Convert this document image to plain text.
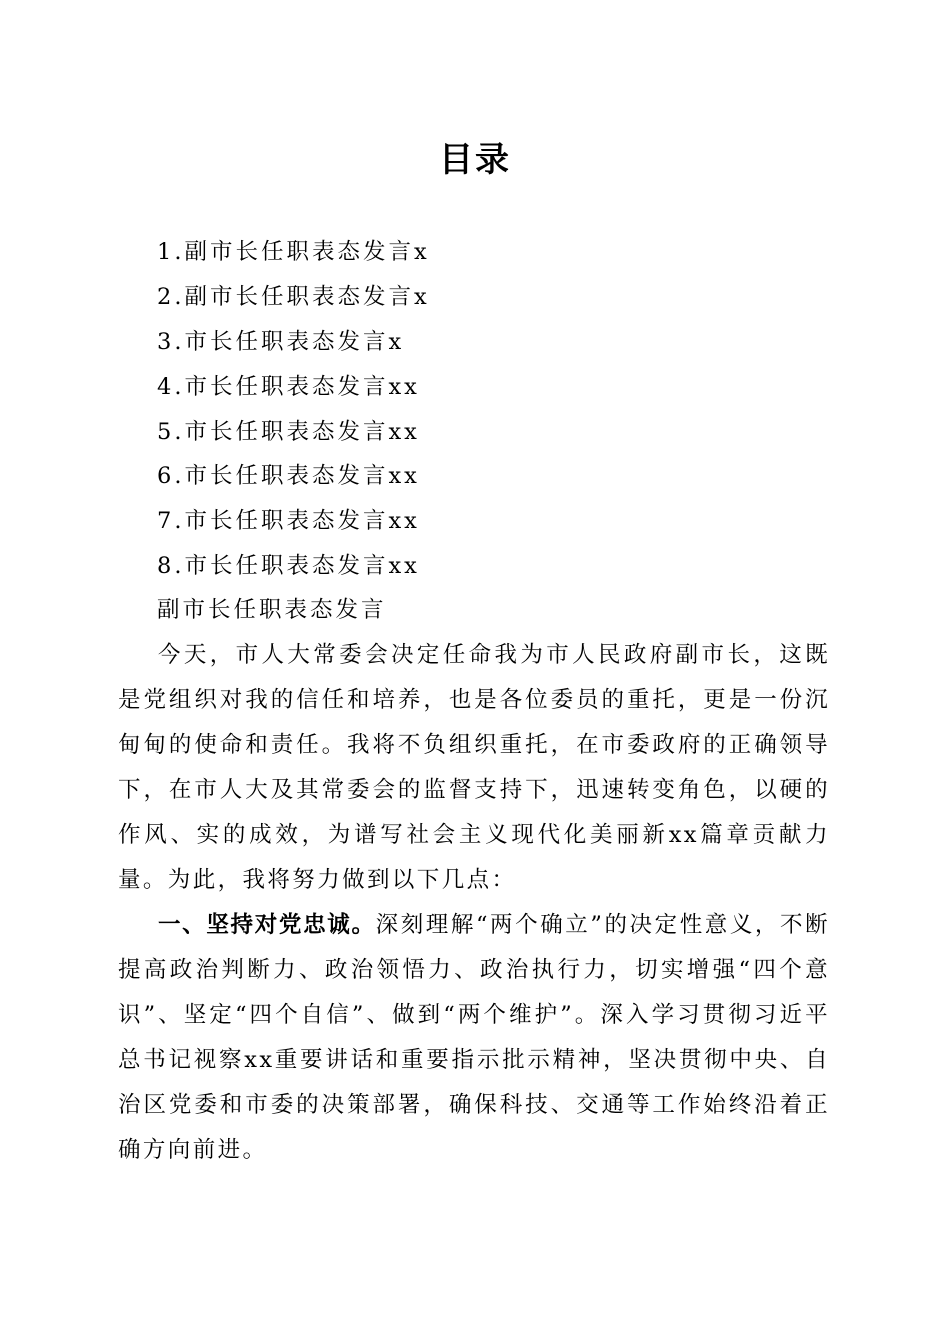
目录
1.副市长任职表态发言x
2.副市长任职表态发言x
3.市长任职表态发言x
4.市长任职表态发言xx
5.市长任职表态发言xx
6.市长任职表态发言xx
7.市长任职表态发言xx
8.市长任职表态发言xx
副市长任职表态发言

今天，市人大常委会决定任命我为市人民政府副市长，这既是党组织对我的信任和培养，也是各位委员的重托，更是一份沉甸甸的使命和责任。我将不负组织重托，在市委政府的正确领导下，在市人大及其常委会的监督支持下，迅速转变角色，以硬的作风、实的成效，为谱写社会主义现代化美丽新xx篇章贡献力量。为此，我将努力做到以下几点：

一、坚持对党忠诚。深刻理解“两个确立”的决定性意义，不断提高政治判断力、政治领悟力、政治执行力，切实增强“四个意识”、坚定“四个自信”、做到“两个维护”。深入学习贯彻习近平总书记视察xx重要讲话和重要指示批示精神，坚决贯彻中央、自治区党委和市委的决策部署，确保科技、交通等工作始终沿着正确方向前进。
